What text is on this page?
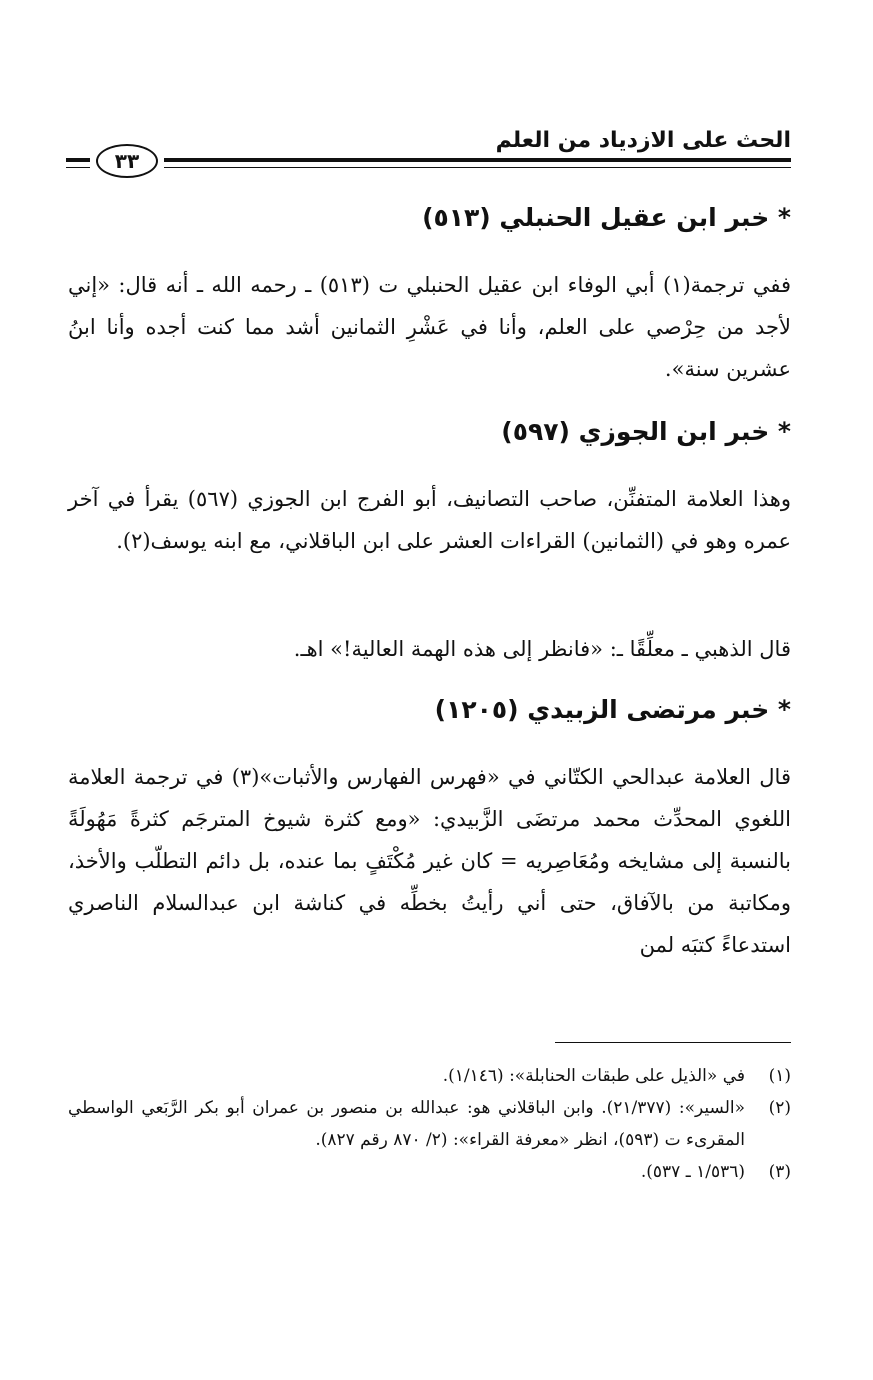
الحث على الازدياد من العلم
٣٣
* خبر ابن عقيل الحنبلي (٥١٣)
ففي ترجمة(١) أبي الوفاء ابن عقيل الحنبلي ت (٥١٣) ـ رحمه الله ـ أنه قال: «إني لأجد من حِرْصي على العلم، وأنا في عَشْرِ الثمانين أشد مما كنت أجده وأنا ابنُ عشرين سنة».
* خبر ابن الجوزي (٥٩٧)
وهذا العلامة المتفنِّن، صاحب التصانيف، أبو الفرج ابن الجوزي (٥٦٧) يقرأ في آخر عمره وهو في (الثمانين) القراءات العشر على ابن الباقلاني، مع ابنه يوسف(٢).
قال الذهبي ـ معلِّقًا ـ: «فانظر إلى هذه الهمة العالية!» اهـ.
* خبر مرتضى الزبيدي (١٢٠٥)
قال العلامة عبدالحي الكتّاني في «فهرس الفهارس والأثبات»(٣) في ترجمة العلامة اللغوي المحدِّث محمد مرتضَى الزَّبيدي: «ومع كثرة شيوخ المترجَم كثرةً مَهُولَةً بالنسبة إلى مشايخه ومُعَاصِريه = كان غير مُكْتَفٍ بما عنده، بل دائم التطلّب والأخذ، ومكاتبة من بالآفاق، حتى أني رأيتُ بخطِّه في كناشة ابن عبدالسلام الناصري استدعاءً كتبَه لمن
(١)
في «الذيل على طبقات الحنابلة»: (١/١٤٦).
(٢)
«السير»: (٢١/٣٧٧). وابن الباقلاني هو: عبدالله بن منصور بن عمران أبو بكر الرَّبَعي الواسطي المقرىء ت (٥٩٣)، انظر «معرفة القراء»: (٢/ ٨٧٠ رقم ٨٢٧).
(٣)
(١/٥٣٦ ـ ٥٣٧).
